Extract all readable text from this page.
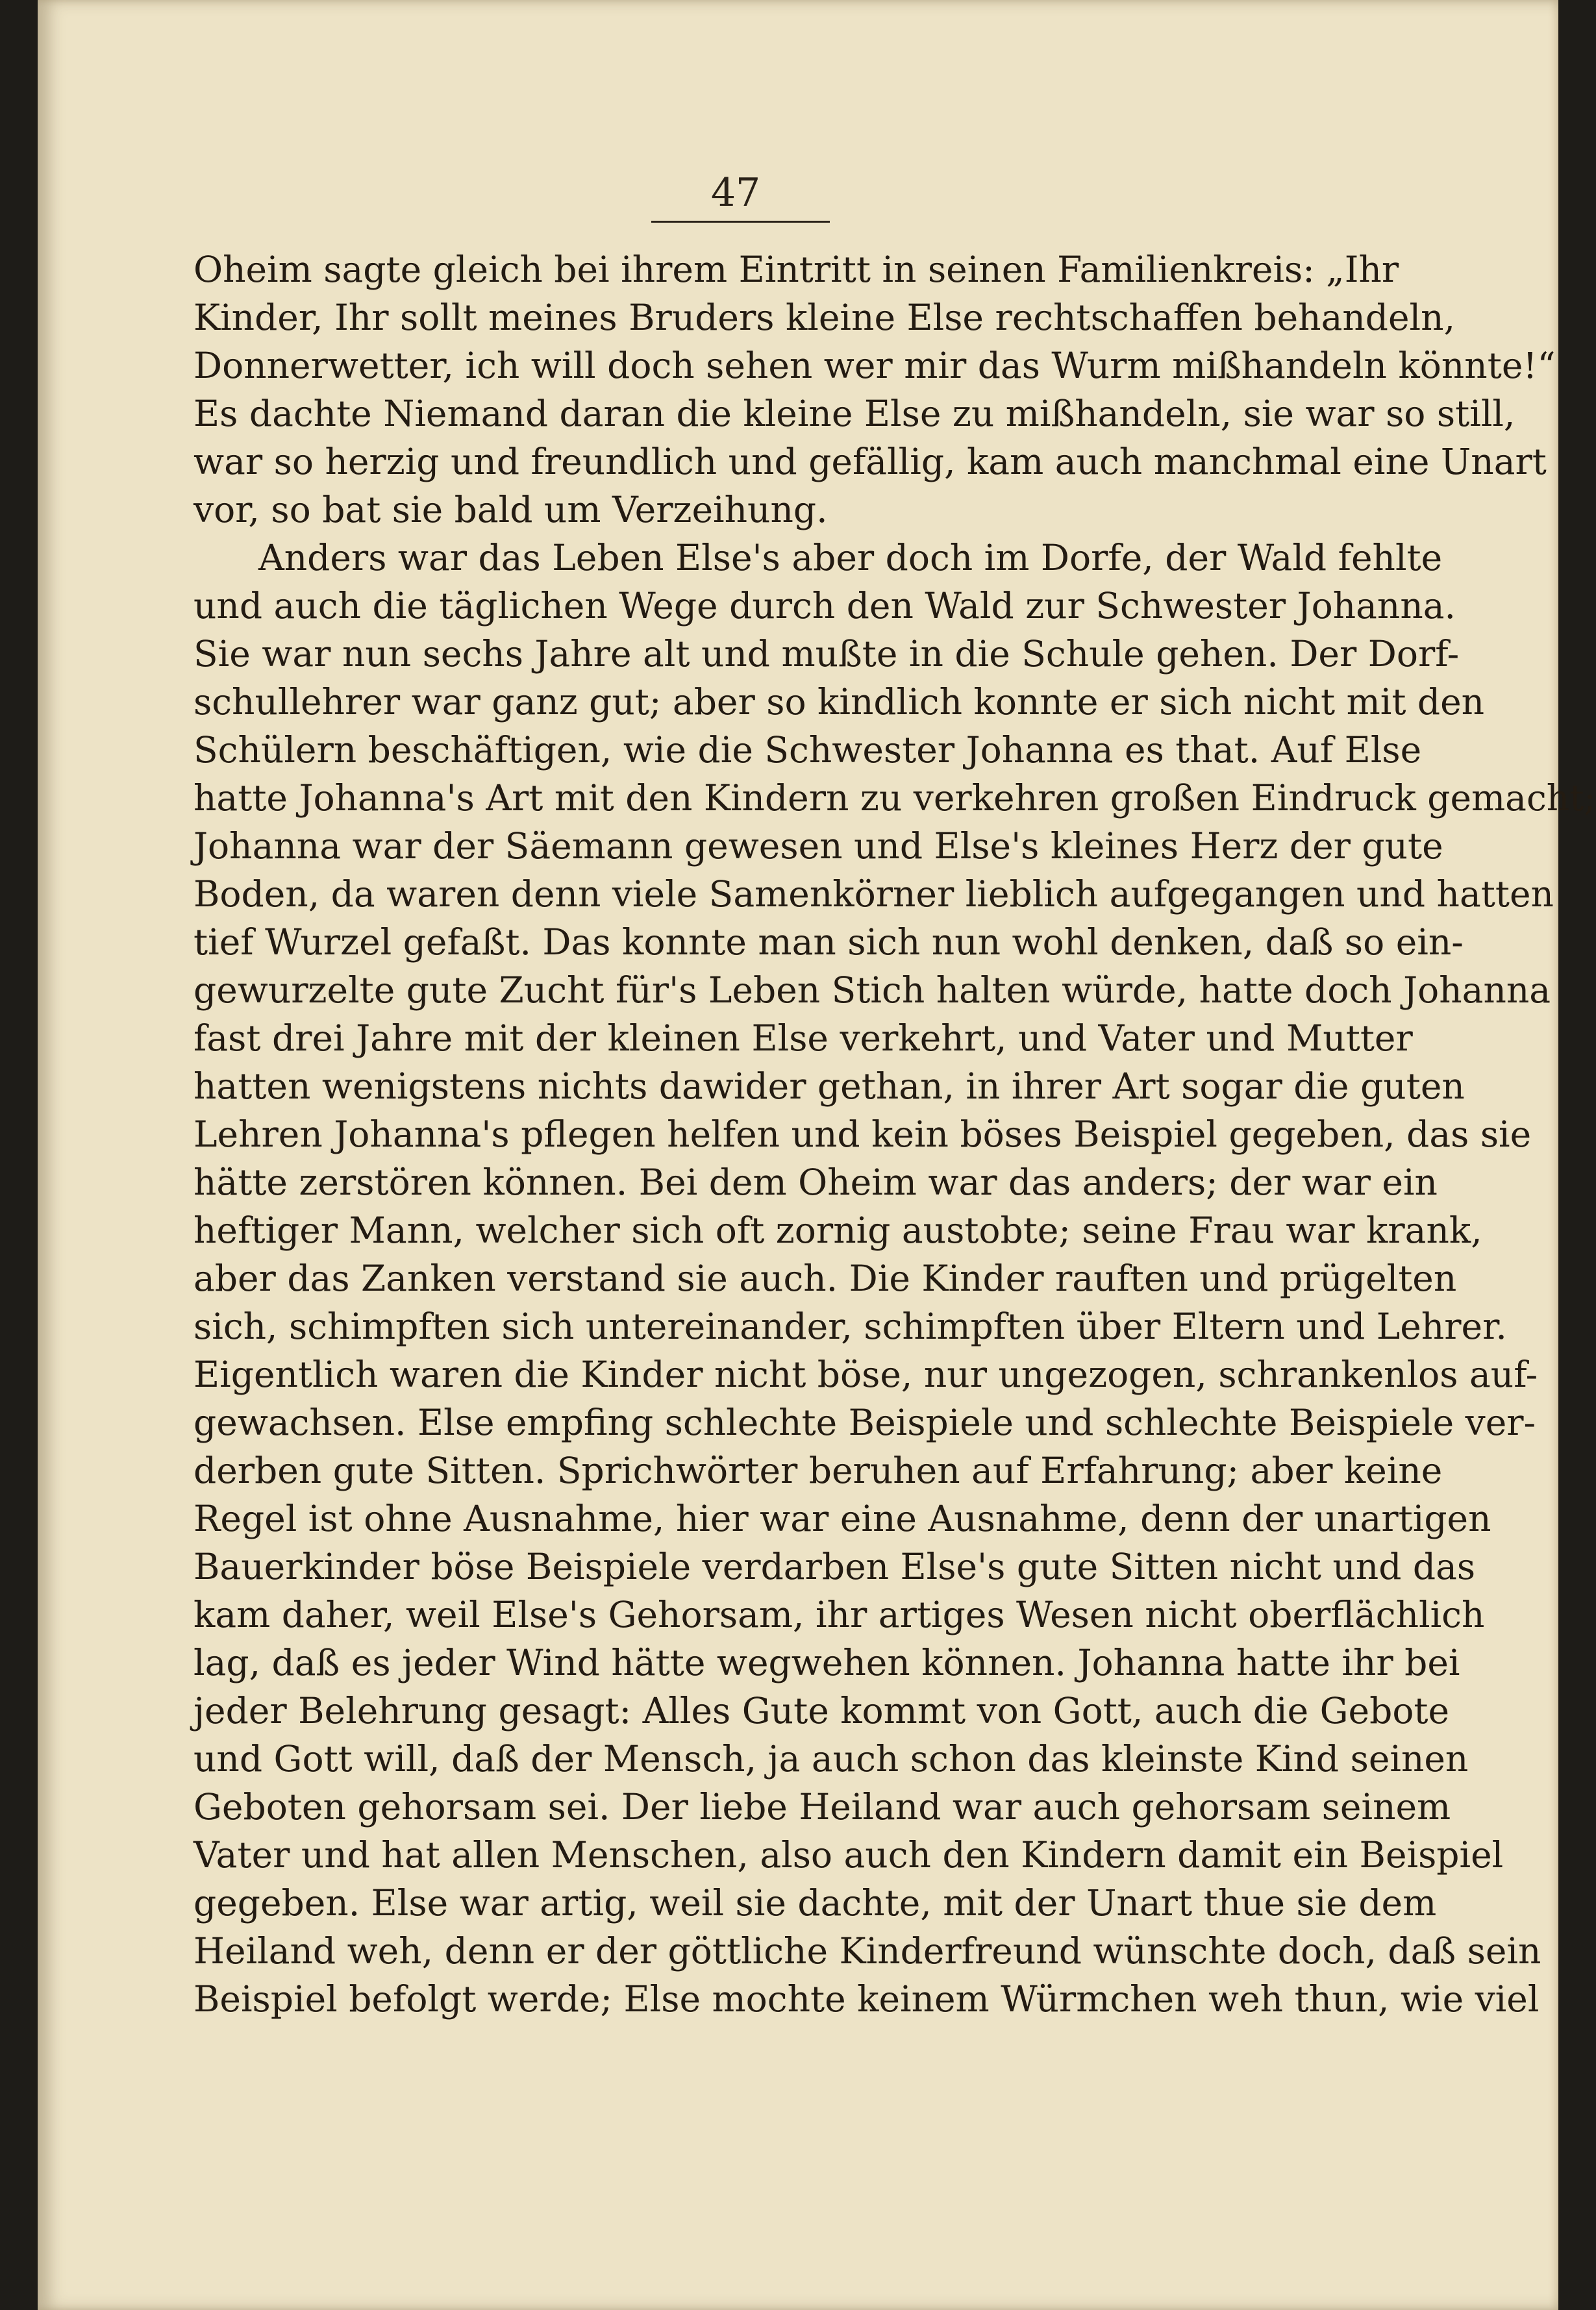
47
Oheim sagte gleich bei ihrem Eintritt in seinen Familienkreis: „Ihr
Kinder, Ihr sollt meines Bruders kleine Else rechtschaffen behandeln,
Donnerwetter, ich will doch sehen wer mir das Wurm mißhandeln könnte!“
Es dachte Niemand daran die kleine Else zu mißhandeln, sie war so still,
war so herzig und freundlich und gefällig, kam auch manchmal eine Unart
vor, so bat sie bald um Verzeihung.
Anders war das Leben Else's aber doch im Dorfe, der Wald fehlte
und auch die täglichen Wege durch den Wald zur Schwester Johanna.
Sie war nun sechs Jahre alt und mußte in die Schule gehen. Der Dorf-
schullehrer war ganz gut; aber so kindlich konnte er sich nicht mit den
Schülern beschäftigen, wie die Schwester Johanna es that. Auf Else
hatte Johanna's Art mit den Kindern zu verkehren großen Eindruck gemacht;
Johanna war der Säemann gewesen und Else's kleines Herz der gute
Boden, da waren denn viele Samenkörner lieblich aufgegangen und hatten
tief Wurzel gefaßt. Das konnte man sich nun wohl denken, daß so ein-
gewurzelte gute Zucht für's Leben Stich halten würde, hatte doch Johanna
fast drei Jahre mit der kleinen Else verkehrt, und Vater und Mutter
hatten wenigstens nichts dawider gethan, in ihrer Art sogar die guten
Lehren Johanna's pflegen helfen und kein böses Beispiel gegeben, das sie
hätte zerstören können. Bei dem Oheim war das anders; der war ein
heftiger Mann, welcher sich oft zornig austobte; seine Frau war krank,
aber das Zanken verstand sie auch. Die Kinder rauften und prügelten
sich, schimpften sich untereinander, schimpften über Eltern und Lehrer.
Eigentlich waren die Kinder nicht böse, nur ungezogen, schrankenlos auf-
gewachsen. Else empfing schlechte Beispiele und schlechte Beispiele ver-
derben gute Sitten. Sprichwörter beruhen auf Erfahrung; aber keine
Regel ist ohne Ausnahme, hier war eine Ausnahme, denn der unartigen
Bauerkinder böse Beispiele verdarben Else's gute Sitten nicht und das
kam daher, weil Else's Gehorsam, ihr artiges Wesen nicht oberflächlich
lag, daß es jeder Wind hätte wegwehen können. Johanna hatte ihr bei
jeder Belehrung gesagt: Alles Gute kommt von Gott, auch die Gebote
und Gott will, daß der Mensch, ja auch schon das kleinste Kind seinen
Geboten gehorsam sei. Der liebe Heiland war auch gehorsam seinem
Vater und hat allen Menschen, also auch den Kindern damit ein Beispiel
gegeben. Else war artig, weil sie dachte, mit der Unart thue sie dem
Heiland weh, denn er der göttliche Kinderfreund wünschte doch, daß sein
Beispiel befolgt werde; Else mochte keinem Würmchen weh thun, wie viel
